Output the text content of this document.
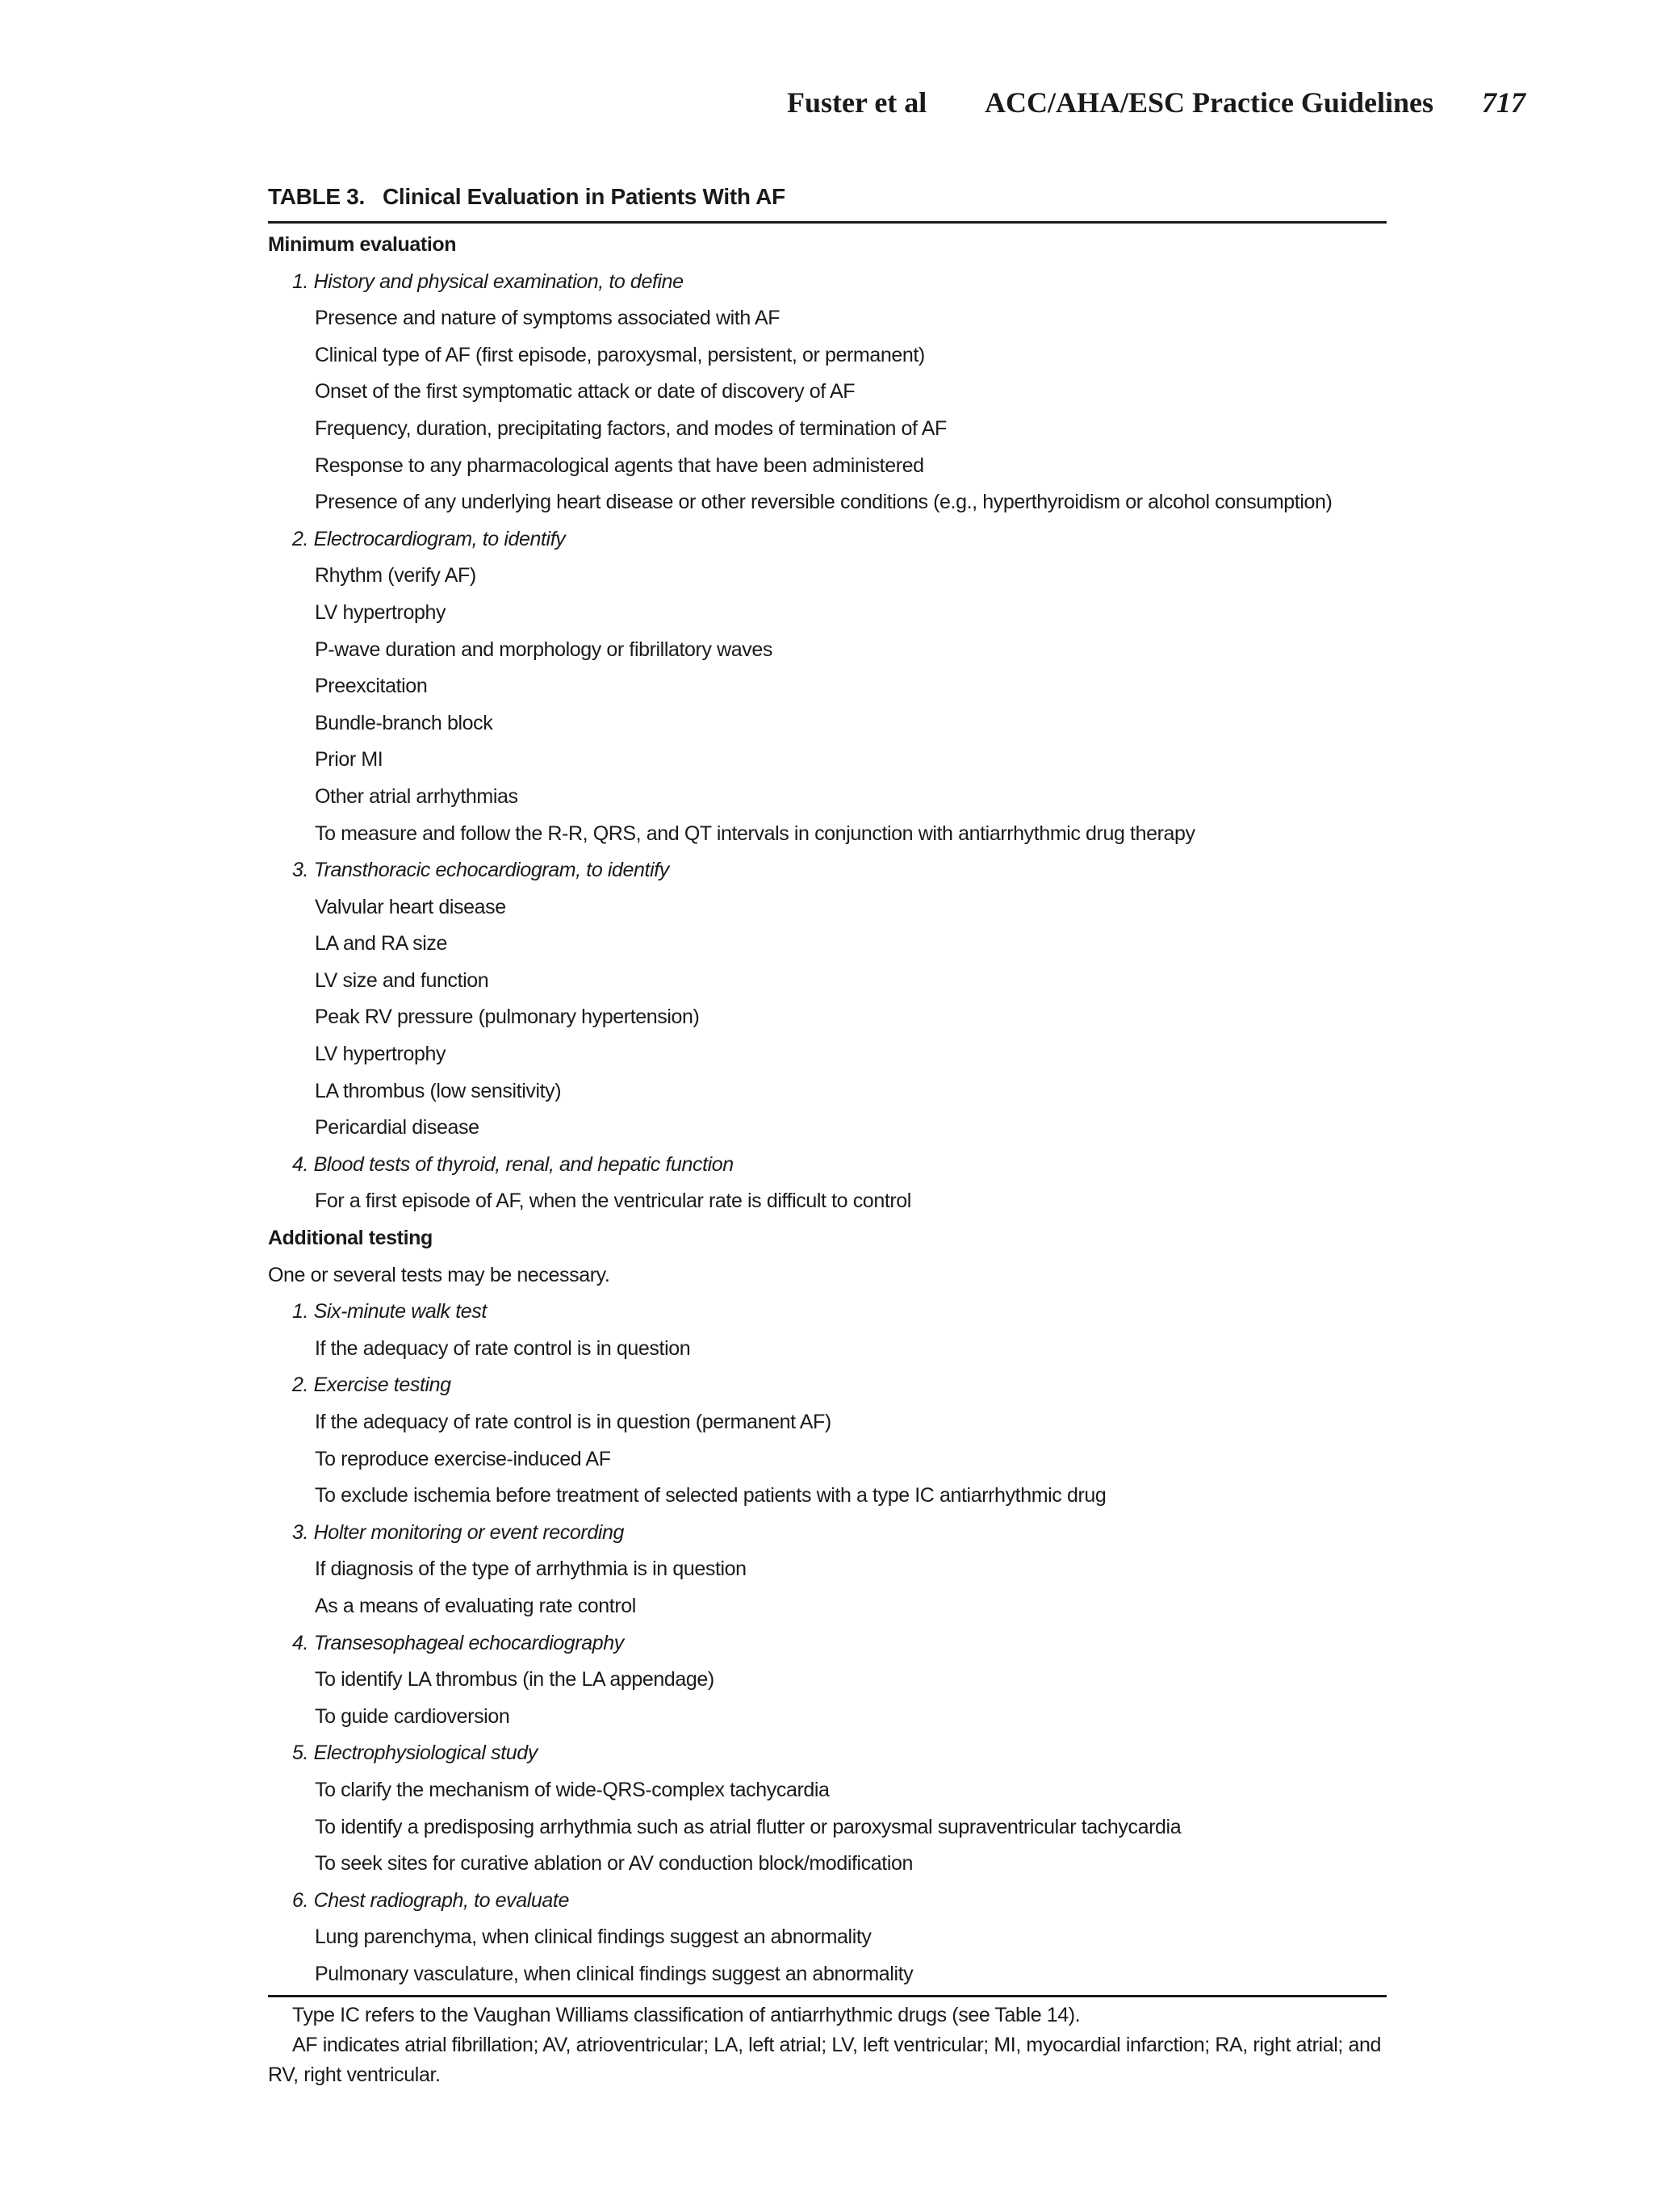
Fuster et al ACC/AHA/ESC Practice Guidelines 717
TABLE 3. Clinical Evaluation in Patients With AF
Minimum evaluation
1. History and physical examination, to define
Presence and nature of symptoms associated with AF
Clinical type of AF (first episode, paroxysmal, persistent, or permanent)
Onset of the first symptomatic attack or date of discovery of AF
Frequency, duration, precipitating factors, and modes of termination of AF
Response to any pharmacological agents that have been administered
Presence of any underlying heart disease or other reversible conditions (e.g., hyperthyroidism or alcohol consumption)
2. Electrocardiogram, to identify
Rhythm (verify AF)
LV hypertrophy
P-wave duration and morphology or fibrillatory waves
Preexcitation
Bundle-branch block
Prior MI
Other atrial arrhythmias
To measure and follow the R-R, QRS, and QT intervals in conjunction with antiarrhythmic drug therapy
3. Transthoracic echocardiogram, to identify
Valvular heart disease
LA and RA size
LV size and function
Peak RV pressure (pulmonary hypertension)
LV hypertrophy
LA thrombus (low sensitivity)
Pericardial disease
4. Blood tests of thyroid, renal, and hepatic function
For a first episode of AF, when the ventricular rate is difficult to control
Additional testing
One or several tests may be necessary.
1. Six-minute walk test
If the adequacy of rate control is in question
2. Exercise testing
If the adequacy of rate control is in question (permanent AF)
To reproduce exercise-induced AF
To exclude ischemia before treatment of selected patients with a type IC antiarrhythmic drug
3. Holter monitoring or event recording
If diagnosis of the type of arrhythmia is in question
As a means of evaluating rate control
4. Transesophageal echocardiography
To identify LA thrombus (in the LA appendage)
To guide cardioversion
5. Electrophysiological study
To clarify the mechanism of wide-QRS-complex tachycardia
To identify a predisposing arrhythmia such as atrial flutter or paroxysmal supraventricular tachycardia
To seek sites for curative ablation or AV conduction block/modification
6. Chest radiograph, to evaluate
Lung parenchyma, when clinical findings suggest an abnormality
Pulmonary vasculature, when clinical findings suggest an abnormality
Type IC refers to the Vaughan Williams classification of antiarrhythmic drugs (see Table 14).
AF indicates atrial fibrillation; AV, atrioventricular; LA, left atrial; LV, left ventricular; MI, myocardial infarction; RA, right atrial; and RV, right ventricular.
